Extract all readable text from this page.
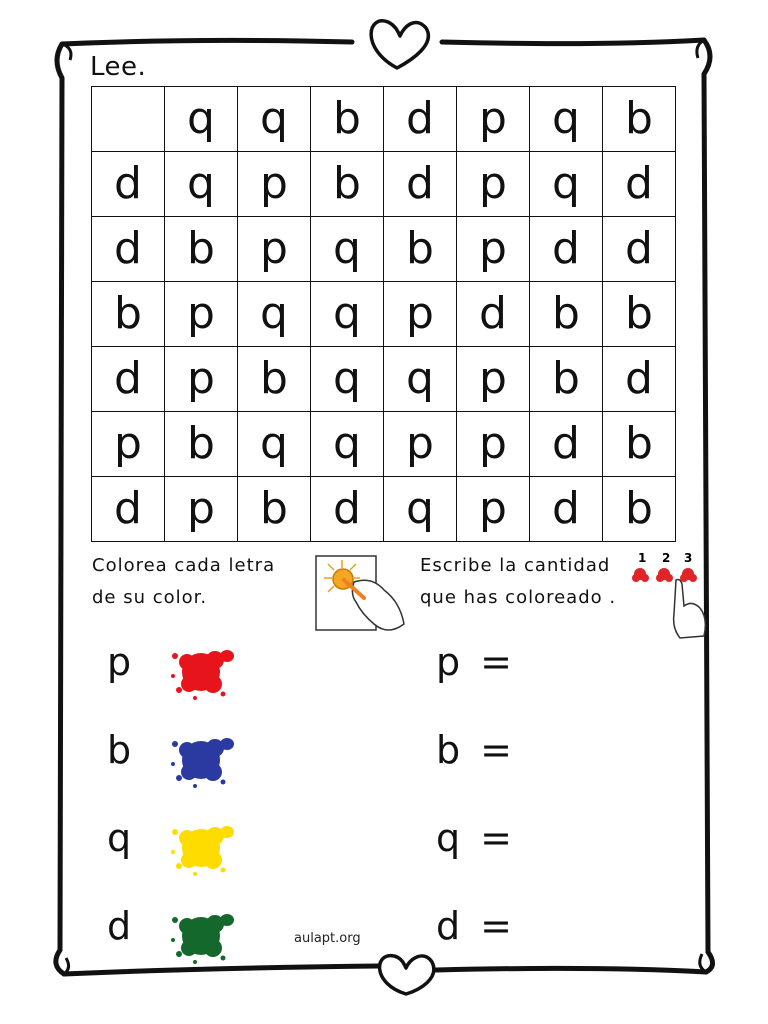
Lee.
	q	q	b	d	p	q	b
d	q	p	b	d	p	q	d
d	b	p	q	b	p	d	d
b	p	q	q	p	d	b	b
d	p	b	q	q	p	b	d
p	b	q	q	p	p	d	b
d	p	b	d	q	p	d	b
Colorea cada letra
de su color.
Escribe la cantidad
que has coloreado .
1 2 3
p
b
q
d
p =
b =
q =
d =
aulapt.org
